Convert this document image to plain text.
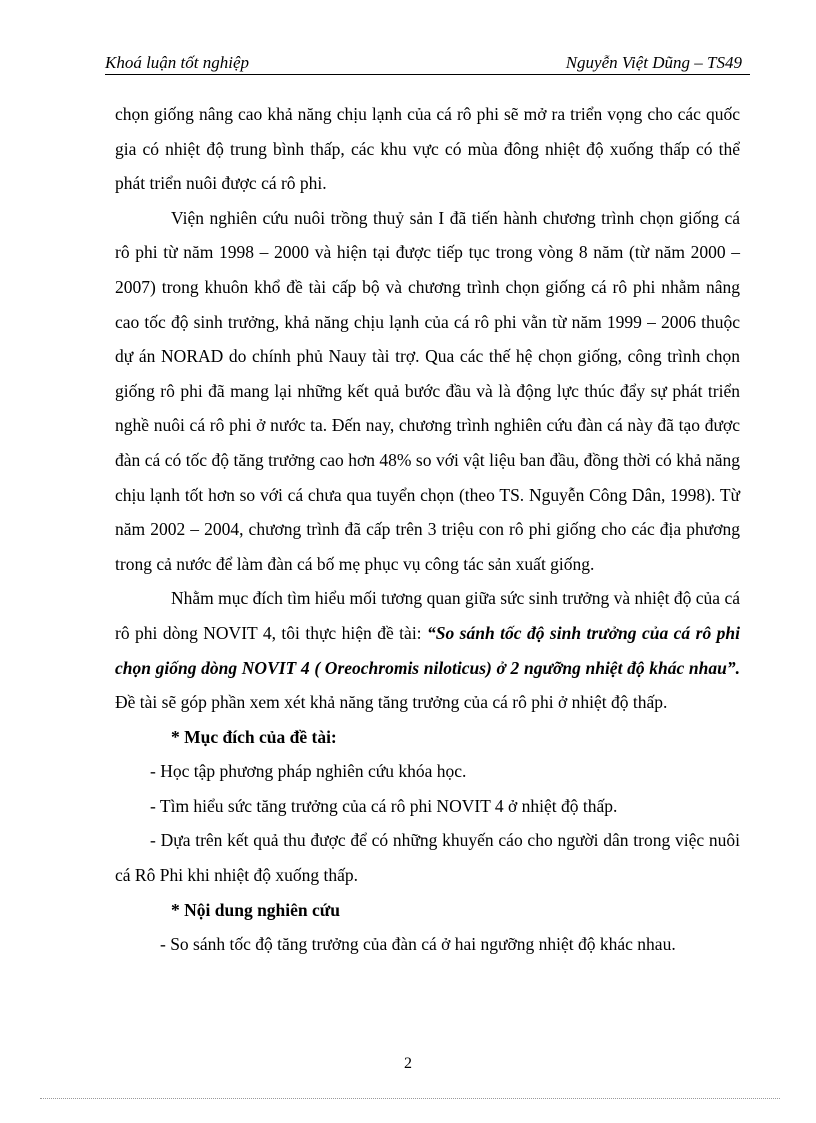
Khoá luận tốt nghiệp	Nguyễn Việt Dũng – TS49

chọn giống nâng cao khả năng chịu lạnh của cá rô phi sẽ mở ra triển vọng cho các quốc gia có nhiệt độ trung bình thấp, các khu vực có mùa đông nhiệt độ xuống thấp có thể phát triển nuôi được cá rô phi.

Viện nghiên cứu nuôi trồng thuỷ sản I đã tiến hành chương trình chọn giống cá rô phi từ năm 1998 – 2000 và hiện tại được tiếp tục trong vòng 8 năm (từ năm 2000 – 2007) trong khuôn khổ đề tài cấp bộ và chương trình chọn giống cá rô phi nhằm nâng cao tốc độ sinh trưởng, khả năng chịu lạnh của cá rô phi vằn từ năm 1999 – 2006 thuộc dự án NORAD do chính phủ Nauy tài trợ. Qua các thế hệ chọn giống, công trình chọn giống rô phi đã mang lại những kết quả bước đầu và là động lực thúc đẩy sự phát triển nghề nuôi cá rô phi ở nước ta. Đến nay, chương trình nghiên cứu đàn cá này đã tạo được đàn cá có tốc độ tăng trưởng cao hơn 48% so với vật liệu ban đầu, đồng thời có khả năng chịu lạnh tốt hơn so với cá chưa qua tuyển chọn (theo TS. Nguyễn Công Dân, 1998). Từ năm 2002 – 2004, chương trình đã cấp trên 3 triệu con rô phi giống cho các địa phương trong cả nước để làm đàn cá bố mẹ phục vụ công tác sản xuất giống.

Nhằm mục đích tìm hiểu mối tương quan giữa sức sinh trưởng và nhiệt độ của cá rô phi dòng NOVIT 4, tôi thực hiện đề tài: “So sánh tốc độ sinh trưởng của cá rô phi chọn giống dòng NOVIT 4 ( Oreochromis niloticus) ở 2 ngưỡng nhiệt độ khác nhau”. Đề tài sẽ góp phần xem xét khả năng tăng trưởng của cá rô phi ở nhiệt độ thấp.

* Mục đích của đề tài:

- Học tập phương pháp nghiên cứu khóa học.

- Tìm hiểu sức tăng trưởng của cá rô phi NOVIT 4 ở nhiệt độ thấp.

- Dựa trên kết quả thu được để có những khuyến cáo cho người dân trong việc nuôi cá Rô Phi khi nhiệt độ xuống thấp.

* Nội dung nghiên cứu

- So sánh tốc độ tăng trưởng của đàn cá ở hai ngưỡng nhiệt độ khác nhau.

2
